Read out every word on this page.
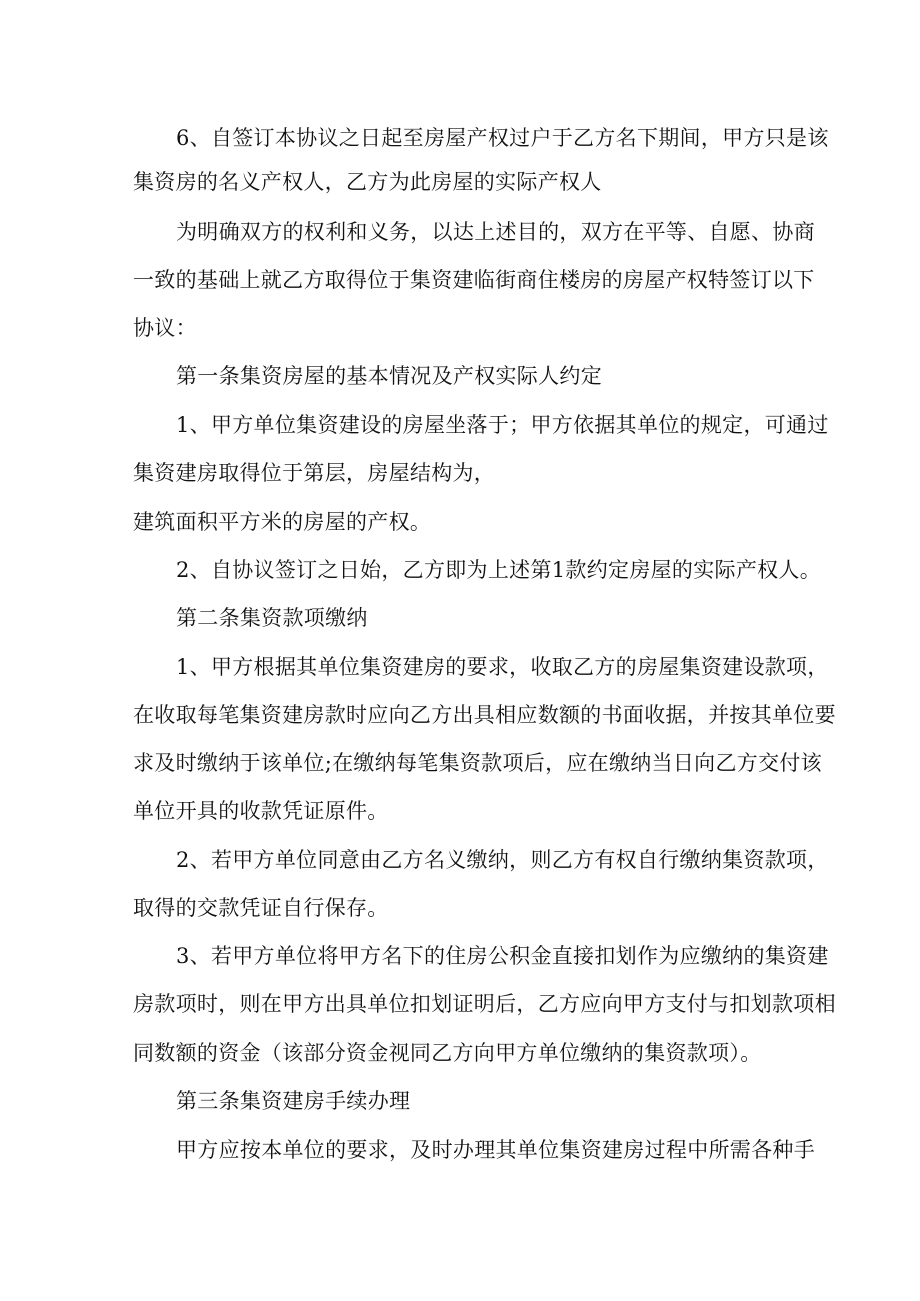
6、自签订本协议之日起至房屋产权过户于乙方名下期间，甲方只是该
集资房的名义产权人，乙方为此房屋的实际产权人
为明确双方的权利和义务，以达上述目的，双方在平等、自愿、协商
一致的基础上就乙方取得位于集资建临街商住楼房的房屋产权特签订以下
协议：
第一条集资房屋的基本情况及产权实际人约定
1、甲方单位集资建设的房屋坐落于；甲方依据其单位的规定，可通过
集资建房取得位于第层，房屋结构为，
建筑面积平方米的房屋的产权。
2、自协议签订之日始，乙方即为上述第1款约定房屋的实际产权人。
第二条集资款项缴纳
1、甲方根据其单位集资建房的要求，收取乙方的房屋集资建设款项，
在收取每笔集资建房款时应向乙方出具相应数额的书面收据，并按其单位要
求及时缴纳于该单位;在缴纳每笔集资款项后，应在缴纳当日向乙方交付该
单位开具的收款凭证原件。
2、若甲方单位同意由乙方名义缴纳，则乙方有权自行缴纳集资款项，
取得的交款凭证自行保存。
3、若甲方单位将甲方名下的住房公积金直接扣划作为应缴纳的集资建
房款项时，则在甲方出具单位扣划证明后，乙方应向甲方支付与扣划款项相
同数额的资金（该部分资金视同乙方向甲方单位缴纳的集资款项）。
第三条集资建房手续办理
甲方应按本单位的要求，及时办理其单位集资建房过程中所需各种手
